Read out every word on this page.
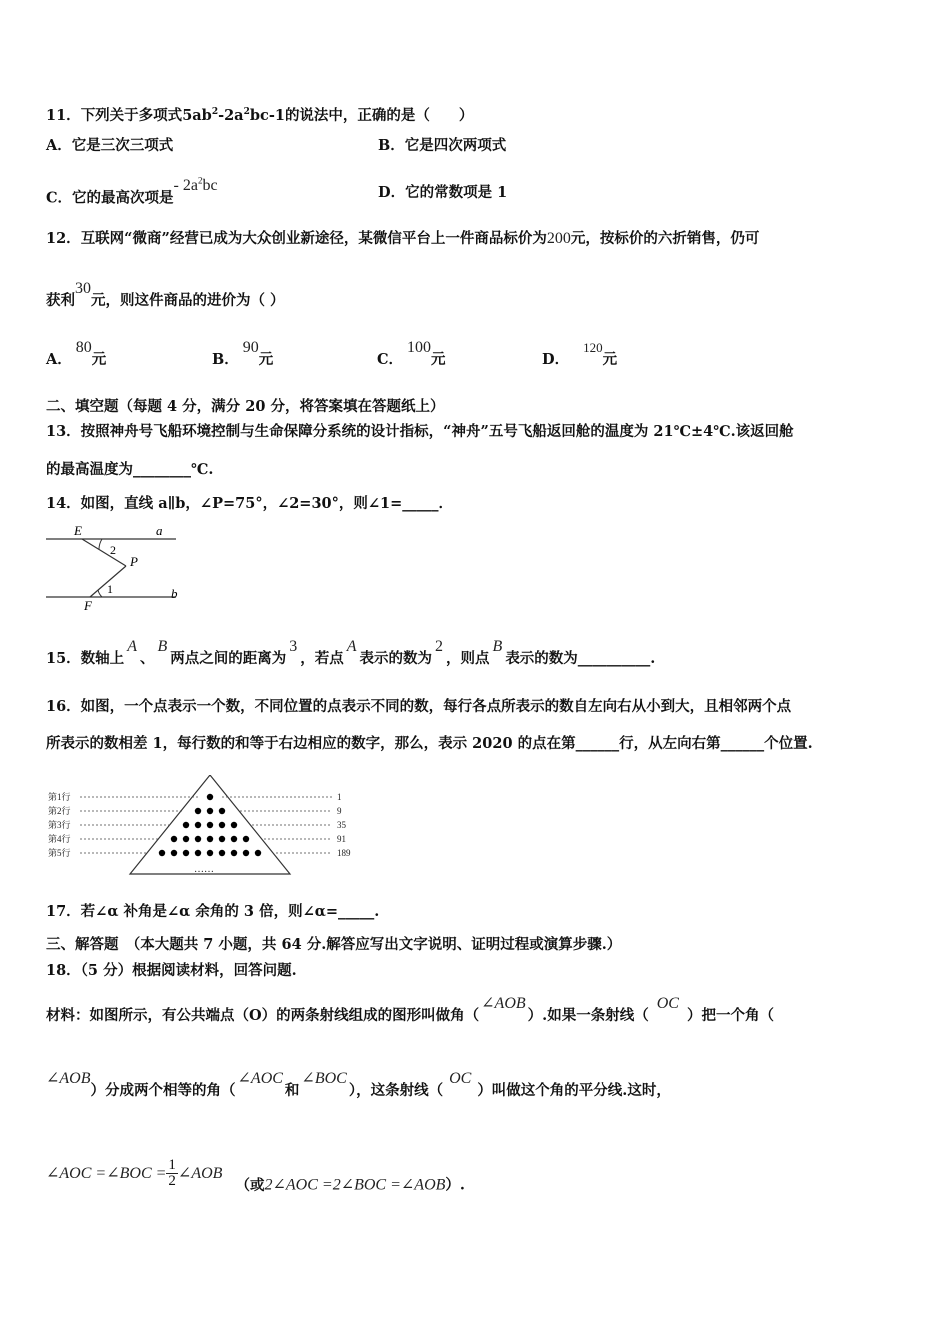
11．下列关于多项式$5ab^2-2a^2bc-1$的说法中，正确的是（　　）
A．它是三次三项式	B．它是四次两项式
C．它的最高次项是- $2a^2bc$	D．它的常数项是 1
12．互联网“微商”经营已成为大众创业新途径，某微信平台上一件商品标价为200元，按标价的六折销售，仍可
获利30元，则这件商品的进价为（ ）
A．80元	B．90元	C．100元	D．120元
二、填空题（每题 4 分，满分 20 分，将答案填在答题纸上）
13．按照神舟号飞船环境控制与生命保障分系统的设计指标，“神舟”五号飞船返回舱的温度为 21℃±4℃.该返回舱
的最高温度为________℃.
14．如图，直线 a∥b，∠P=75°，∠2=30°，则∠1=_____．
E	a
2
P
1
F
b
15．数轴上A、B两点之间的距离为3，若点A表示的数为2，则点B表示的数为__________.
16．如图，一个点表示一个数，不同位置的点表示不同的数，每行各点所表示的数自左向右从小到大，且相邻两个点
所表示的数相差 1，每行数的和等于右边相应的数字，那么，表示 2020 的点在第______行，从左向右第______个位置.
第1行
第2行
第3行
第4行
第5行
1
9
35
91
189
……
17．若∠α 补角是∠α 余角的 3 倍，则∠α=_____.
三、解答题　（本大题共 7 小题，共 64 分.解答应写出文字说明、证明过程或演算步骤.）
18．（5 分）根据阅读材料，回答问题.
材料：如图所示，有公共端点（O）的两条射线组成的图形叫做角（∠AOB）.如果一条射线（OC）把一个角（
∠AOB）分成两个相等的角（∠AOC和∠BOC），这条射线（OC）叫做这个角的平分线.这时，
∠AOC =∠BOC = $\frac{1}{2}$ ∠AOB （或2∠AOC =2∠BOC =∠AOB）.
